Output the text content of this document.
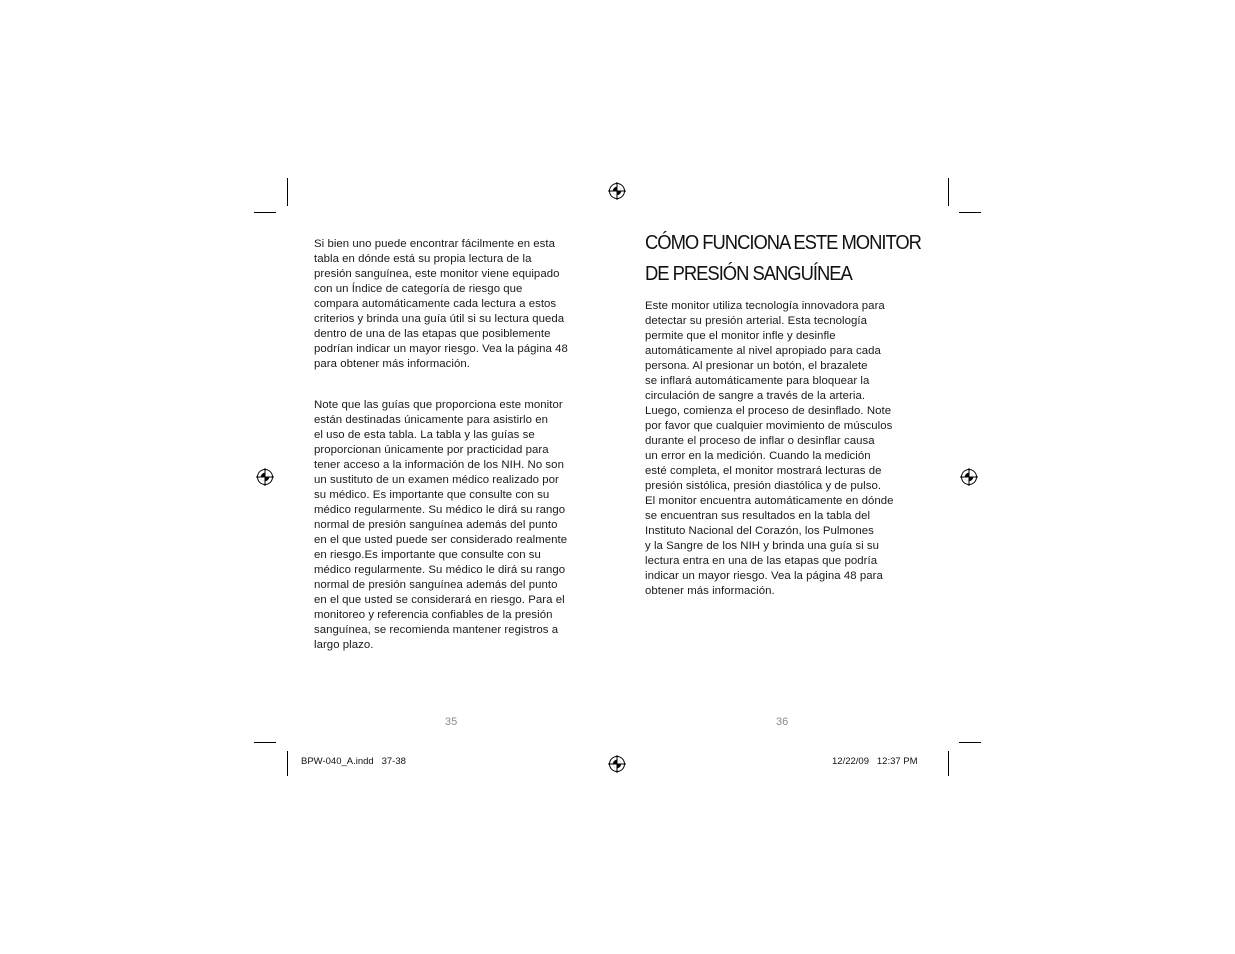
Si bien uno puede encontrar fácilmente en esta
tabla en dónde está su propia lectura de la
presión sanguínea, este monitor viene equipado
con un Índice de categoría de riesgo que
compara automáticamente cada lectura a estos
criterios y brinda una guía útil si su lectura queda
dentro de una de las etapas que posiblemente
podrían indicar un mayor riesgo. Vea la página 48
para obtener más información.

Note que las guías que proporciona este monitor
están destinadas únicamente para asistirlo en
el uso de esta tabla. La tabla y las guías se
proporcionan únicamente por practicidad para
tener acceso a la información de los NIH. No son
un sustituto de un examen médico realizado por
su médico. Es importante que consulte con su
médico regularmente. Su médico le dirá su rango
normal de presión sanguínea además del punto
en el que usted puede ser considerado realmente
en riesgo.Es importante que consulte con su
médico regularmente. Su médico le dirá su rango
normal de presión sanguínea además del punto
en el que usted se considerará en riesgo. Para el
monitoreo y referencia confiables de la presión
sanguínea, se recomienda mantener registros a
largo plazo.

35
CÓMO FUNCIONA ESTE MONITOR
DE PRESIÓN SANGUÍNEA

Este monitor utiliza tecnología innovadora para
detectar su presión arterial. Esta tecnología
permite que el monitor infle y desinfle
automáticamente al nivel apropiado para cada
persona. Al presionar un botón, el brazalete
se inflará automáticamente para bloquear la
circulación de sangre a través de la arteria.
Luego, comienza el proceso de desinflado. Note
por favor que cualquier movimiento de músculos
durante el proceso de inflar o desinflar causa
un error en la medición. Cuando la medición
esté completa, el monitor mostrará lecturas de
presión sistólica, presión diastólica y de pulso.
El monitor encuentra automáticamente en dónde
se encuentran sus resultados en la tabla del
Instituto Nacional del Corazón, los Pulmones
y la Sangre de los NIH y brinda una guía si su
lectura entra en una de las etapas que podría
indicar un mayor riesgo. Vea la página 48 para
obtener más información.

36
BPW-040_A.indd   37-38	12/22/09   12:37 PM
